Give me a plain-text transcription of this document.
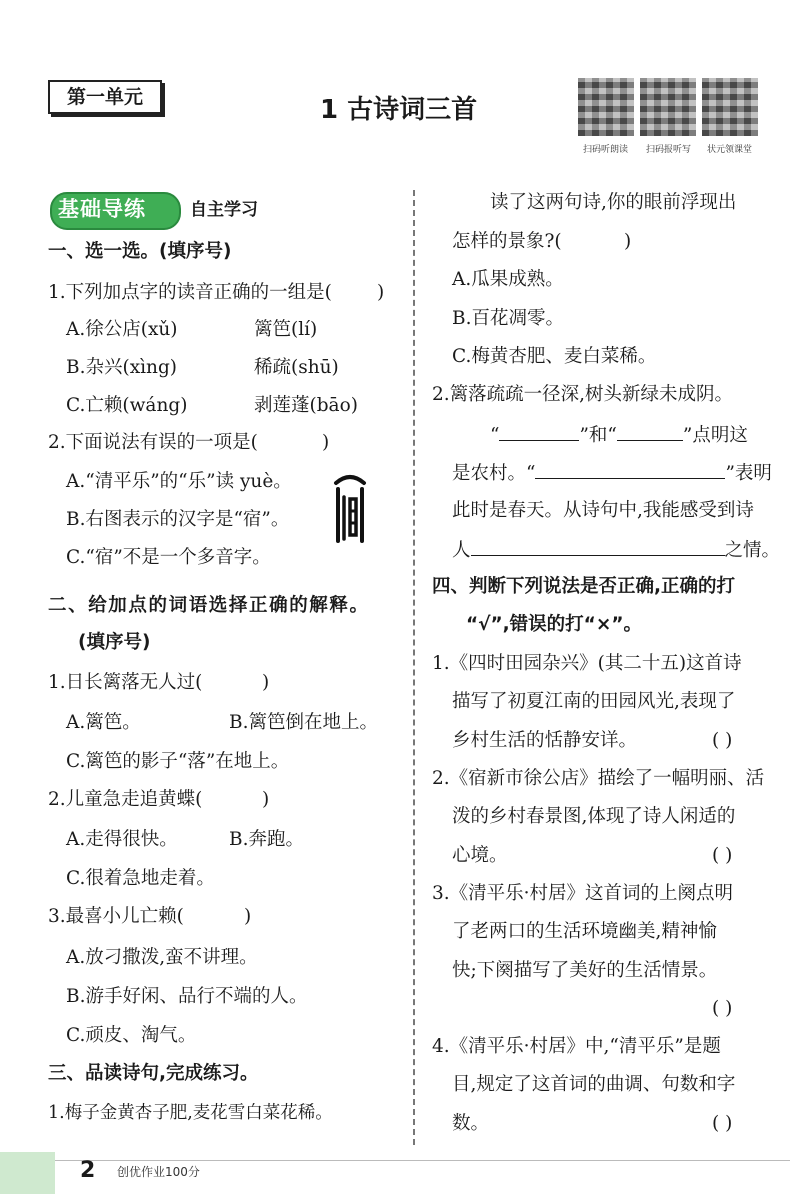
第一单元	1 古诗词三首
扫码听朗读 扫码报听写 状元领课堂
基础导练	自主学习
一、选一选。(填序号)
1.下列加点字的读音正确的一组是( )
A.徐公店(xǔ)	篱笆(lí)
B.杂兴(xìng)	稀疏(shū)
C.亡赖(wáng)	剥莲蓬(bāo)
2.下面说法有误的一项是(	)
A.“清平乐”的“乐”读 yuè。
B.右图表示的汉字是“宿”。
C.“宿”不是一个多音字。
二、给加点的词语选择正确的解释。
(填序号)
1.日长篱落无人过(	)
A.篱笆。	B.篱笆倒在地上。
C.篱笆的影子“落”在地上。
2.儿童急走追黄蝶(	)
A.走得很快。	B.奔跑。
C.很着急地走着。
3.最喜小儿亡赖(	)
A.放刁撒泼,蛮不讲理。
B.游手好闲、品行不端的人。
C.顽皮、淘气。
三、品读诗句,完成练习。
1.梅子金黄杏子肥,麦花雪白菜花稀。
读了这两句诗,你的眼前浮现出
怎样的景象?(	)
A.瓜果成熟。
B.百花凋零。
C.梅黄杏肥、麦白菜稀。
2.篱落疏疏一径深,树头新绿未成阴。
“	”和“	”点明这
是农村。“	”表明
此时是春天。从诗句中,我能感受到诗
人	之情。
四、判断下列说法是否正确,正确的打
“√”,错误的打“×”。
1.《四时田园杂兴》(其二十五)这首诗
描写了初夏江南的田园风光,表现了
乡村生活的恬静安详。	( )
2.《宿新市徐公店》描绘了一幅明丽、活
泼的乡村春景图,体现了诗人闲适的
心境。	( )
3.《清平乐·村居》这首词的上阕点明
了老两口的生活环境幽美,精神愉
快;下阕描写了美好的生活情景。
( )
4.《清平乐·村居》中,“清平乐”是题
目,规定了这首词的曲调、句数和字
数。	( )
2 创优作业100分
